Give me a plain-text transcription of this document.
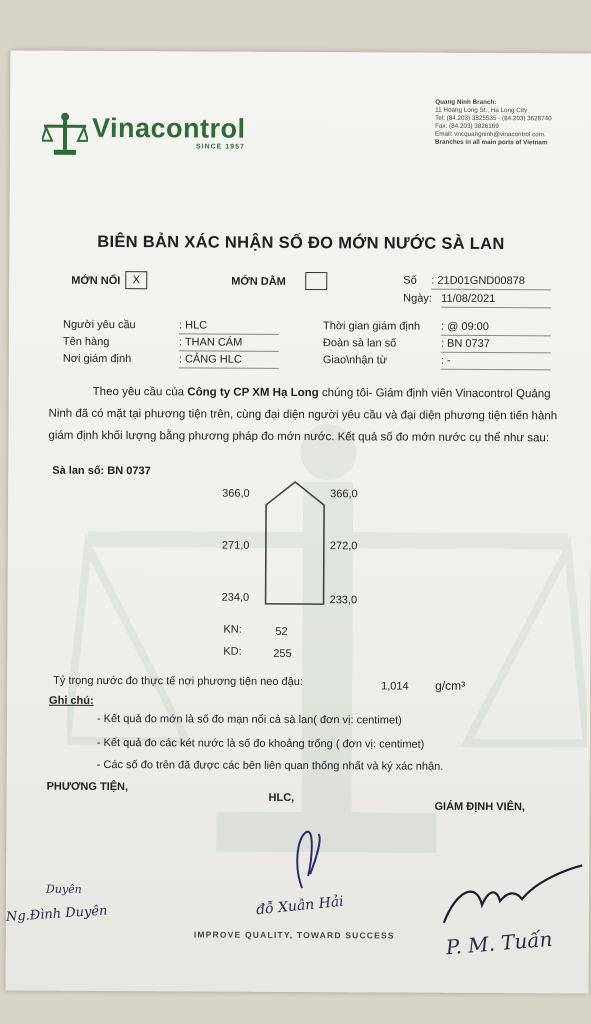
Vinacontrol
SINCE 1957
Quang Ninh Branch:
11 Hoang Long St., Ha Long City
Tel: (84.203) 3825535 - (84.203) 3628740
Fax: (84.203) 3826169
Email: vncquangninh@vinacontrol.com.
Branches in all main ports of Vietnam
BIÊN BẢN XÁC NHẬN SỐ ĐO MỚN NƯỚC SÀ LAN
MỚN NỔI	X	MỚN DẰM	Số : 21D01GND00878
Ngày: 11/08/2021
Người yêu cầu	: HLC
Tên hàng	: THAN CÁM
Nơi giám định	: CẢNG HLC
Thời gian giám định : @ 09:00
Đoàn sà lan số	: BN 0737
Giao\nhận từ	: -
Theo yêu cầu của Công ty CP XM Hạ Long chúng tôi- Giám định viên Vinacontrol Quảng Ninh đã có mặt tại phương tiện trên, cùng đại diện người yêu cầu và đại diện phương tiện tiến hành giám định khối lượng bằng phương pháp đo mớn nước. Kết quả số đo mớn nước cụ thể như sau:
Sà lan số: BN 0737
366,0	366,0
271,0	272,0
234,0	233,0
KN:	52
KD:	255
Tỷ trọng nước đo thực tế nơi phương tiện neo đậu:	1,014 g/cm³
Ghi chú:
- Kết quả đo mớn là số đo mạn nổi cả sà lan( đơn vị: centimet)
- Kết quả đo các két nước là số đo khoảng trống ( đơn vị: centimet)
- Các số đo trên đã được các bên liên quan thống nhất và ký xác nhận.
PHƯƠNG TIỆN,
HLC,
GIÁM ĐỊNH VIÊN,
Duyên
Ng.Đình Duyên	đỗ Xuân Hải
P. M. Tuấn
IMPROVE QUALITY, TOWARD SUCCESS
